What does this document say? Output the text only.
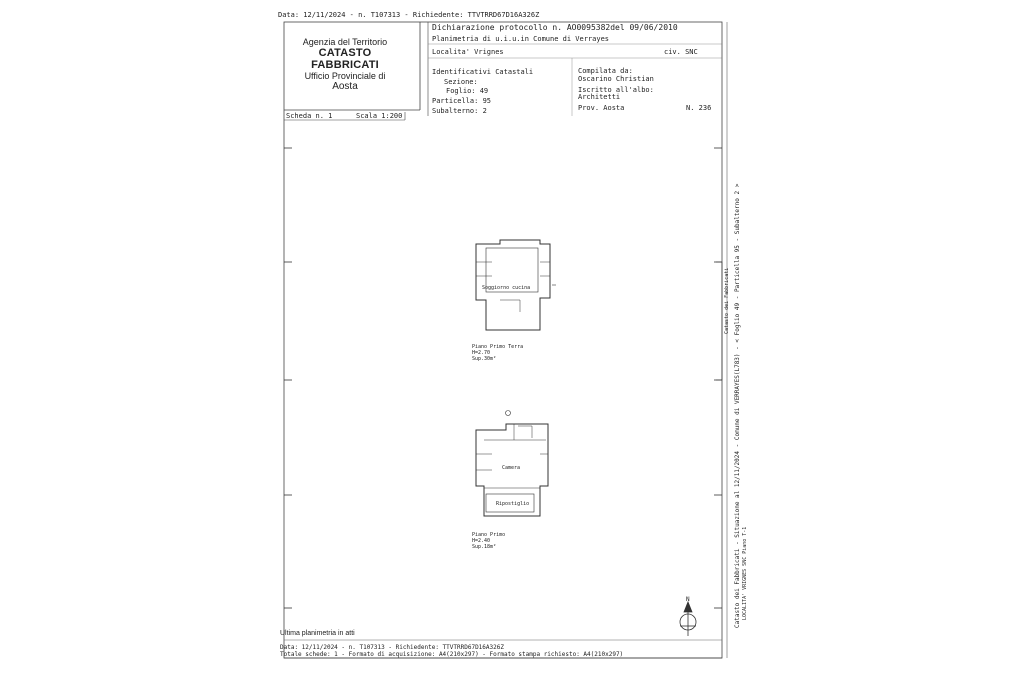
Data: 12/11/2024 - n. T107313 - Richiedente: TTVTRRD67D16A326Z
Agenzia del Territorio
CATASTO FABBRICATI
Ufficio Provinciale di
Aosta
Dichiarazione protocollo n. AO0095382del 09/06/2010
Planimetria di u.i.u.in Comune di Verrayes
Localita' Vrignes	civ. SNC
Identificativi Catastali
Sezione:
Foglio: 49
Particella: 95
Subalterno: 2
Compilata da:
Oscarino Christian
Iscritto all'albo:
Architetti
Prov. Aosta	N. 236
Scheda n. 1	Scala 1:200
Soggiorno cucina
Piano Primo Terra
H=2.70
Sup.30m²
Camera
Ripostiglio
Piano Primo
H=2.40
Sup.18m²
N
Ultima planimetria in atti
Data: 12/11/2024 - n. T107313 - Richiedente: TTVTRRD67D16A326Z
Totale schede: 1 - Formato di acquisizione: A4(210x297) - Formato stampa richiesto: A4(210x297)
Catasto dei Fabbricati Catasto dei Fabbricati - Situazione al 12/11/2024 - Comune di VERRAYES(L783) - < Foglio 49 - Particella 95 - Subalterno 2 > LOCALITA' VRIGNES SNC Piano T-1
